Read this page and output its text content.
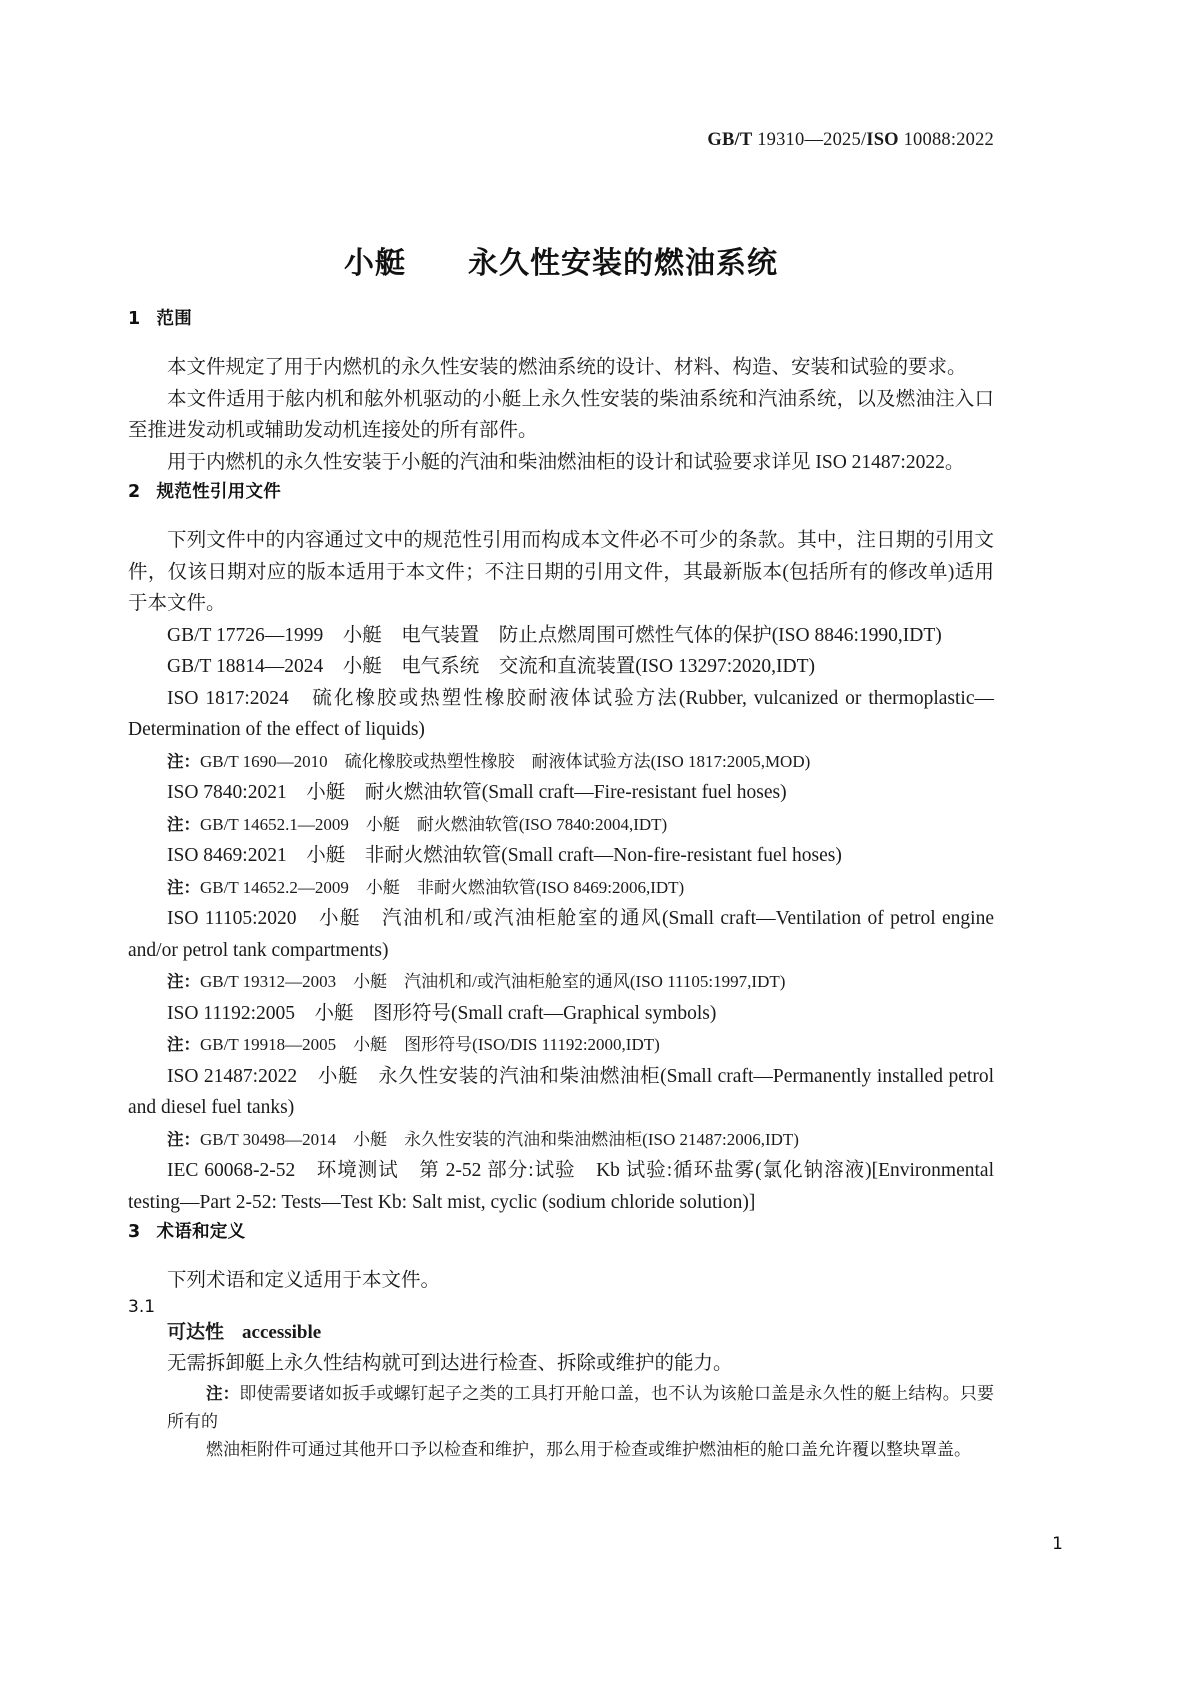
GB/T 19310—2025/ISO 10088:2022
小艇　　永久性安装的燃油系统
1 范围

本文件规定了用于内燃机的永久性安装的燃油系统的设计、材料、构造、安装和试验的要求。

本文件适用于舷内机和舷外机驱动的小艇上永久性安装的柴油系统和汽油系统，以及燃油注入口至推进发动机或辅助发动机连接处的所有部件。

用于内燃机的永久性安装于小艇的汽油和柴油燃油柜的设计和试验要求详见 ISO 21487:2022。

2 规范性引用文件

下列文件中的内容通过文中的规范性引用而构成本文件必不可少的条款。其中，注日期的引用文件，仅该日期对应的版本适用于本文件；不注日期的引用文件，其最新版本(包括所有的修改单)适用于本文件。

GB/T 17726—1999　小艇　电气装置　防止点燃周围可燃性气体的保护(ISO 8846:1990,IDT)

GB/T 18814—2024　小艇　电气系统　交流和直流装置(ISO 13297:2020,IDT)

ISO 1817:2024　硫化橡胶或热塑性橡胶耐液体试验方法(Rubber, vulcanized or thermoplastic—Determination of the effect of liquids)

注：GB/T 1690—2010　硫化橡胶或热塑性橡胶　耐液体试验方法(ISO 1817:2005,MOD)

ISO 7840:2021　小艇　耐火燃油软管(Small craft—Fire-resistant fuel hoses)

注：GB/T 14652.1—2009　小艇　耐火燃油软管(ISO 7840:2004,IDT)

ISO 8469:2021　小艇　非耐火燃油软管(Small craft—Non-fire-resistant fuel hoses)

注：GB/T 14652.2—2009　小艇　非耐火燃油软管(ISO 8469:2006,IDT)

ISO 11105:2020　小艇　汽油机和/或汽油柜舱室的通风(Small craft—Ventilation of petrol engine and/or petrol tank compartments)

注：GB/T 19312—2003　小艇　汽油机和/或汽油柜舱室的通风(ISO 11105:1997,IDT)

ISO 11192:2005　小艇　图形符号(Small craft—Graphical symbols)

注：GB/T 19918—2005　小艇　图形符号(ISO/DIS 11192:2000,IDT)

ISO 21487:2022　小艇　永久性安装的汽油和柴油燃油柜(Small craft—Permanently installed petrol and diesel fuel tanks)

注：GB/T 30498—2014　小艇　永久性安装的汽油和柴油燃油柜(ISO 21487:2006,IDT)

IEC 60068-2-52　环境测试　第 2-52 部分:试验　Kb 试验:循环盐雾(氯化钠溶液)[Environmental testing—Part 2-52: Tests—Test Kb: Salt mist, cyclic (sodium chloride solution)]

3 术语和定义

下列术语和定义适用于本文件。

3.1

可达性 accessible

无需拆卸艇上永久性结构就可到达进行检查、拆除或维护的能力。

注：即使需要诸如扳手或螺钉起子之类的工具打开舱口盖，也不认为该舱口盖是永久性的艇上结构。只要所有的

燃油柜附件可通过其他开口予以检查和维护，那么用于检查或维护燃油柜的舱口盖允许覆以整块罩盖。

1
